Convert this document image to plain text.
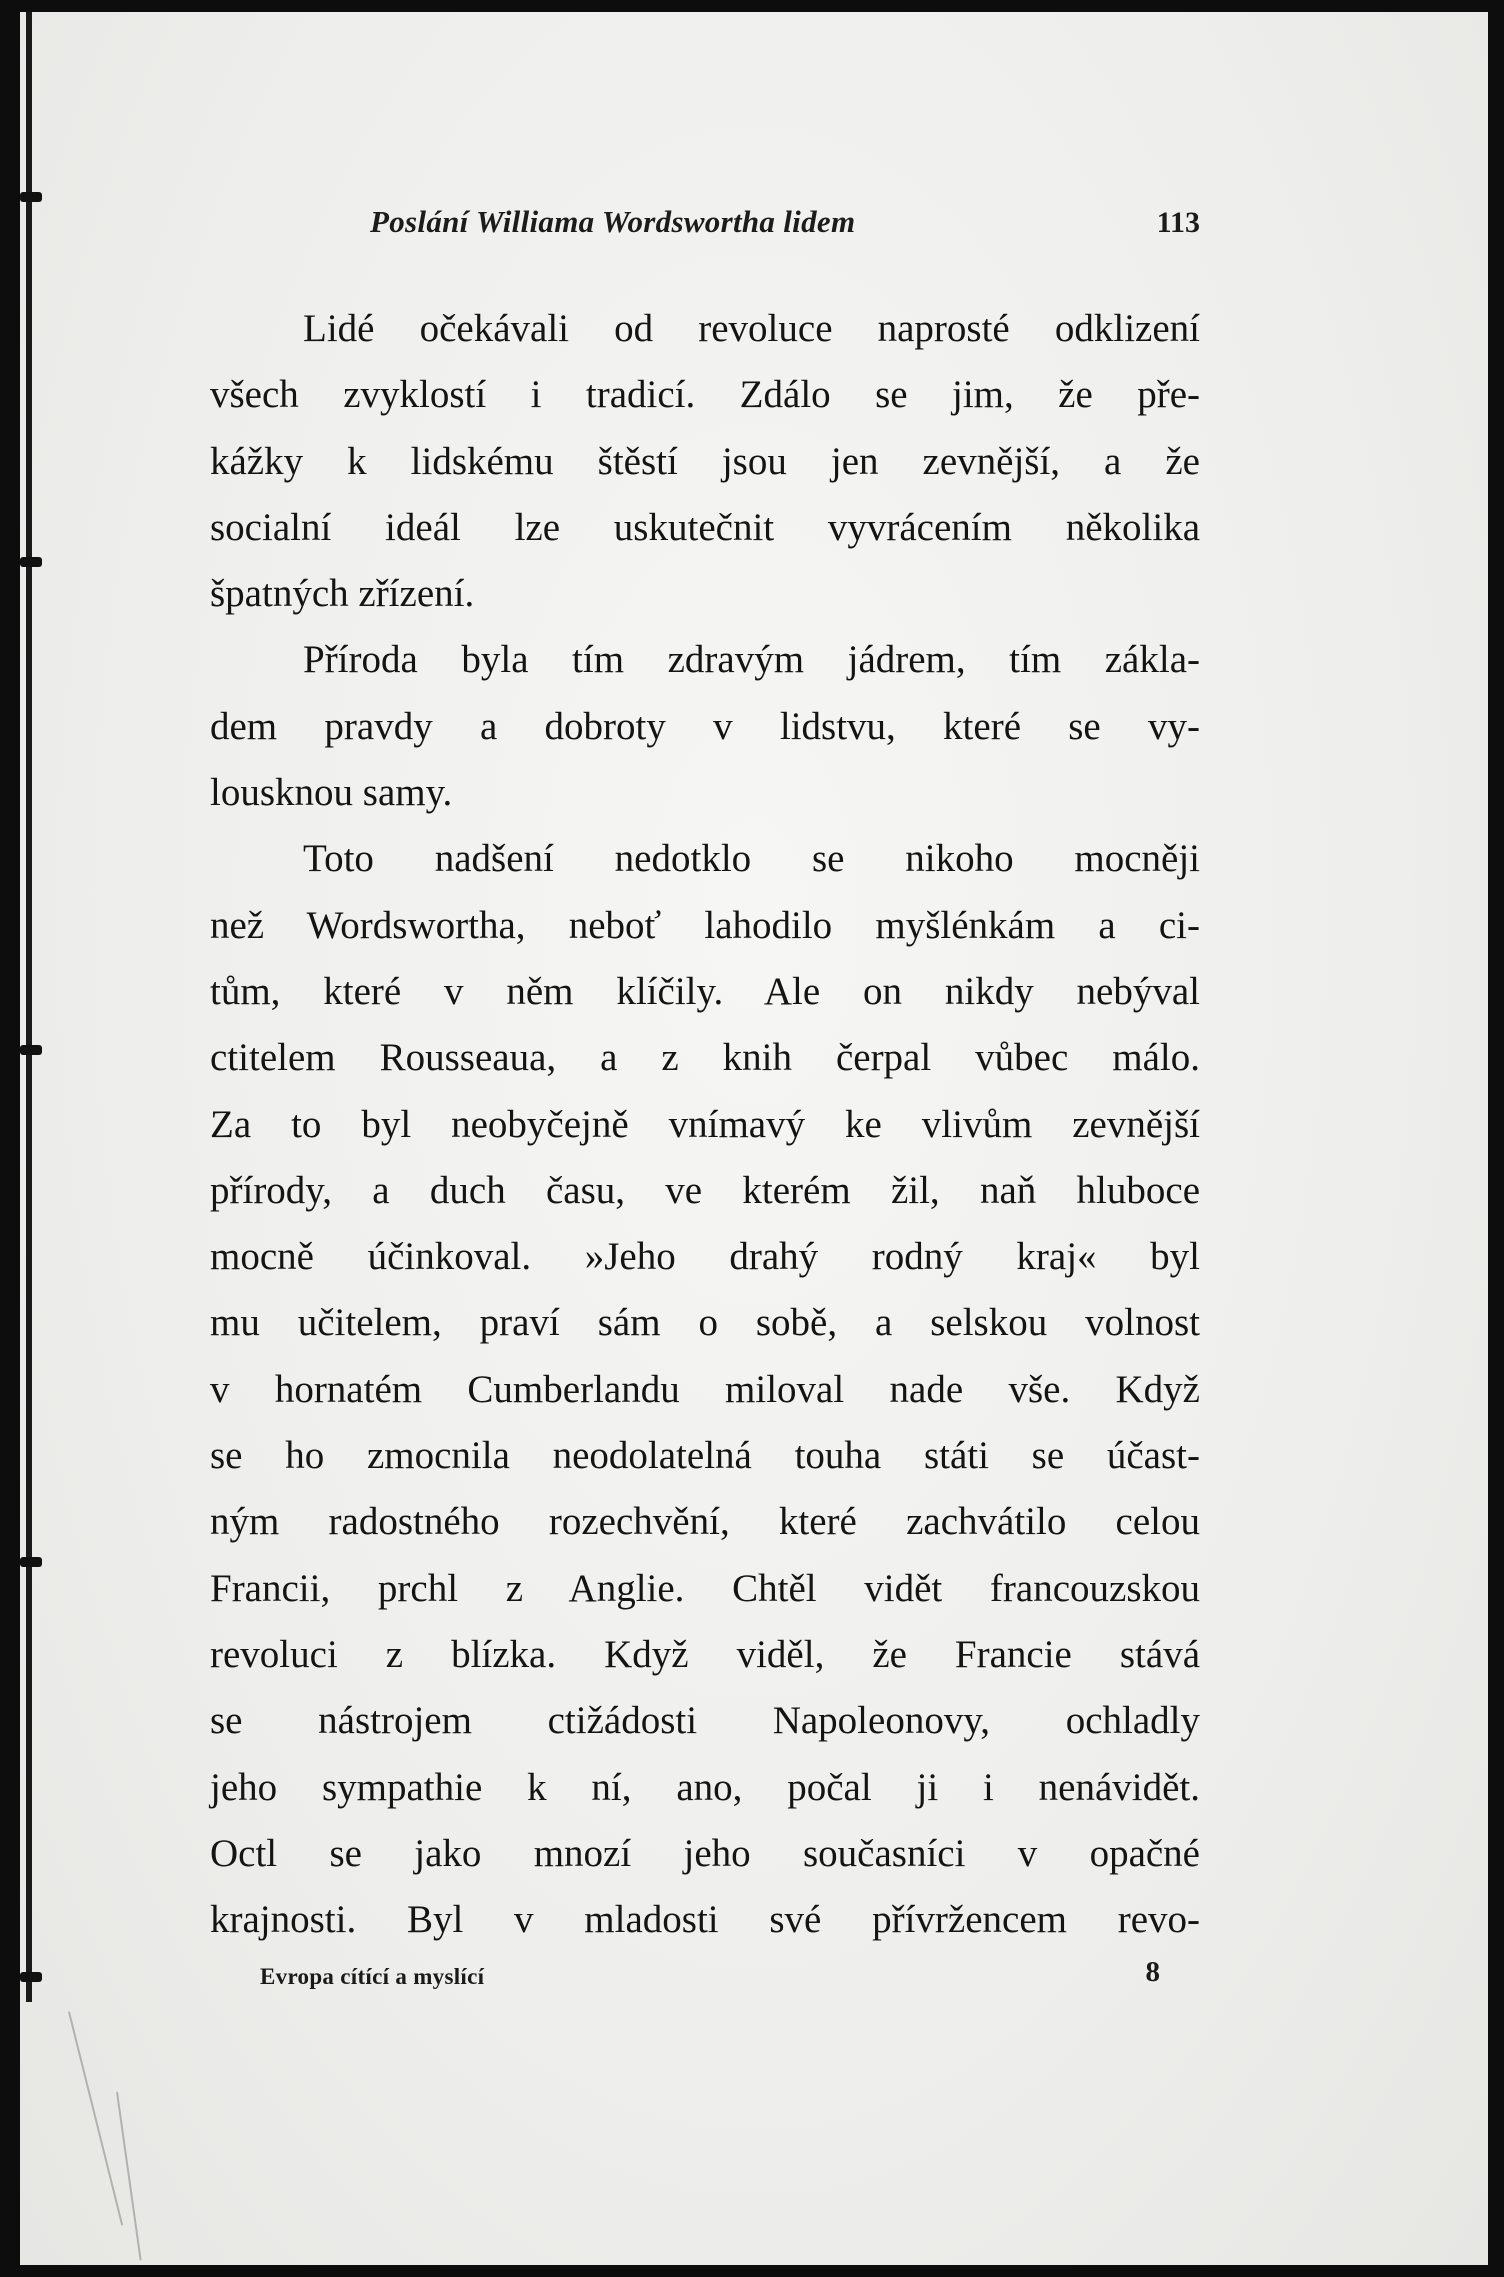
Poslání Williama Wordswortha lidem	113
Lidé očekávali od revoluce naprosté odklizení
všech zvyklostí i tradicí. Zdálo se jim, že pře-
kážky k lidskému štěstí jsou jen zevnější, a že
socialní ideál lze uskutečnit vyvrácením několika
špatných zřízení.
Příroda byla tím zdravým jádrem, tím zákla-
dem pravdy a dobroty v lidstvu, které se vy-
lousknou samy.
Toto nadšení nedotklo se nikoho mocněji
než Wordswortha, neboť lahodilo myšlénkám a ci-
tům, které v něm klíčily. Ale on nikdy nebýval
ctitelem Rousseaua, a z knih čerpal vůbec málo.
Za to byl neobyčejně vnímavý ke vlivům zevnější
přírody, a duch času, ve kterém žil, naň hluboce
mocně účinkoval. »Jeho drahý rodný kraj« byl
mu učitelem, praví sám o sobě, a selskou volnost
v hornatém Cumberlandu miloval nade vše. Když
se ho zmocnila neodolatelná touha státi se účast-
ným radostného rozechvění, které zachvátilo celou
Francii, prchl z Anglie. Chtěl vidět francouzskou
revoluci z blízka. Když viděl, že Francie stává
se nástrojem ctižádosti Napoleonovy, ochladly
jeho sympathie k ní, ano, počal ji i nenávidět.
Octl se jako mnozí jeho současníci v opačné
krajnosti. Byl v mladosti své přívržencem revo-
Evropa cítící a myslící	8
